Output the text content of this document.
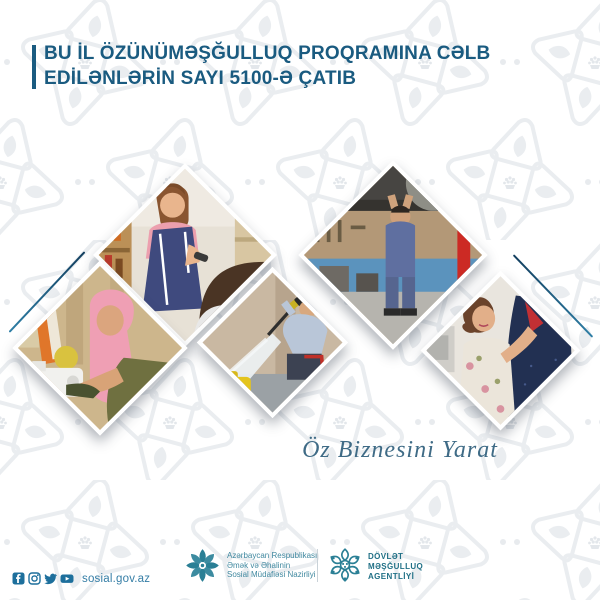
BU İL ÖZÜNÜMƏŞĞULLUQ PROQRAMINA CƏLB
EDİLƏNLƏRİN SAYI 5100-Ə ÇATIB
Öz Biznesini Yarat
Azərbaycan Respublikası
Əmək və Əhalinin
Sosial Müdafiəsi Nazirliyi
DÖVLƏT
MƏŞĞULLUQ
AGENTLİYİ
sosial.gov.az
